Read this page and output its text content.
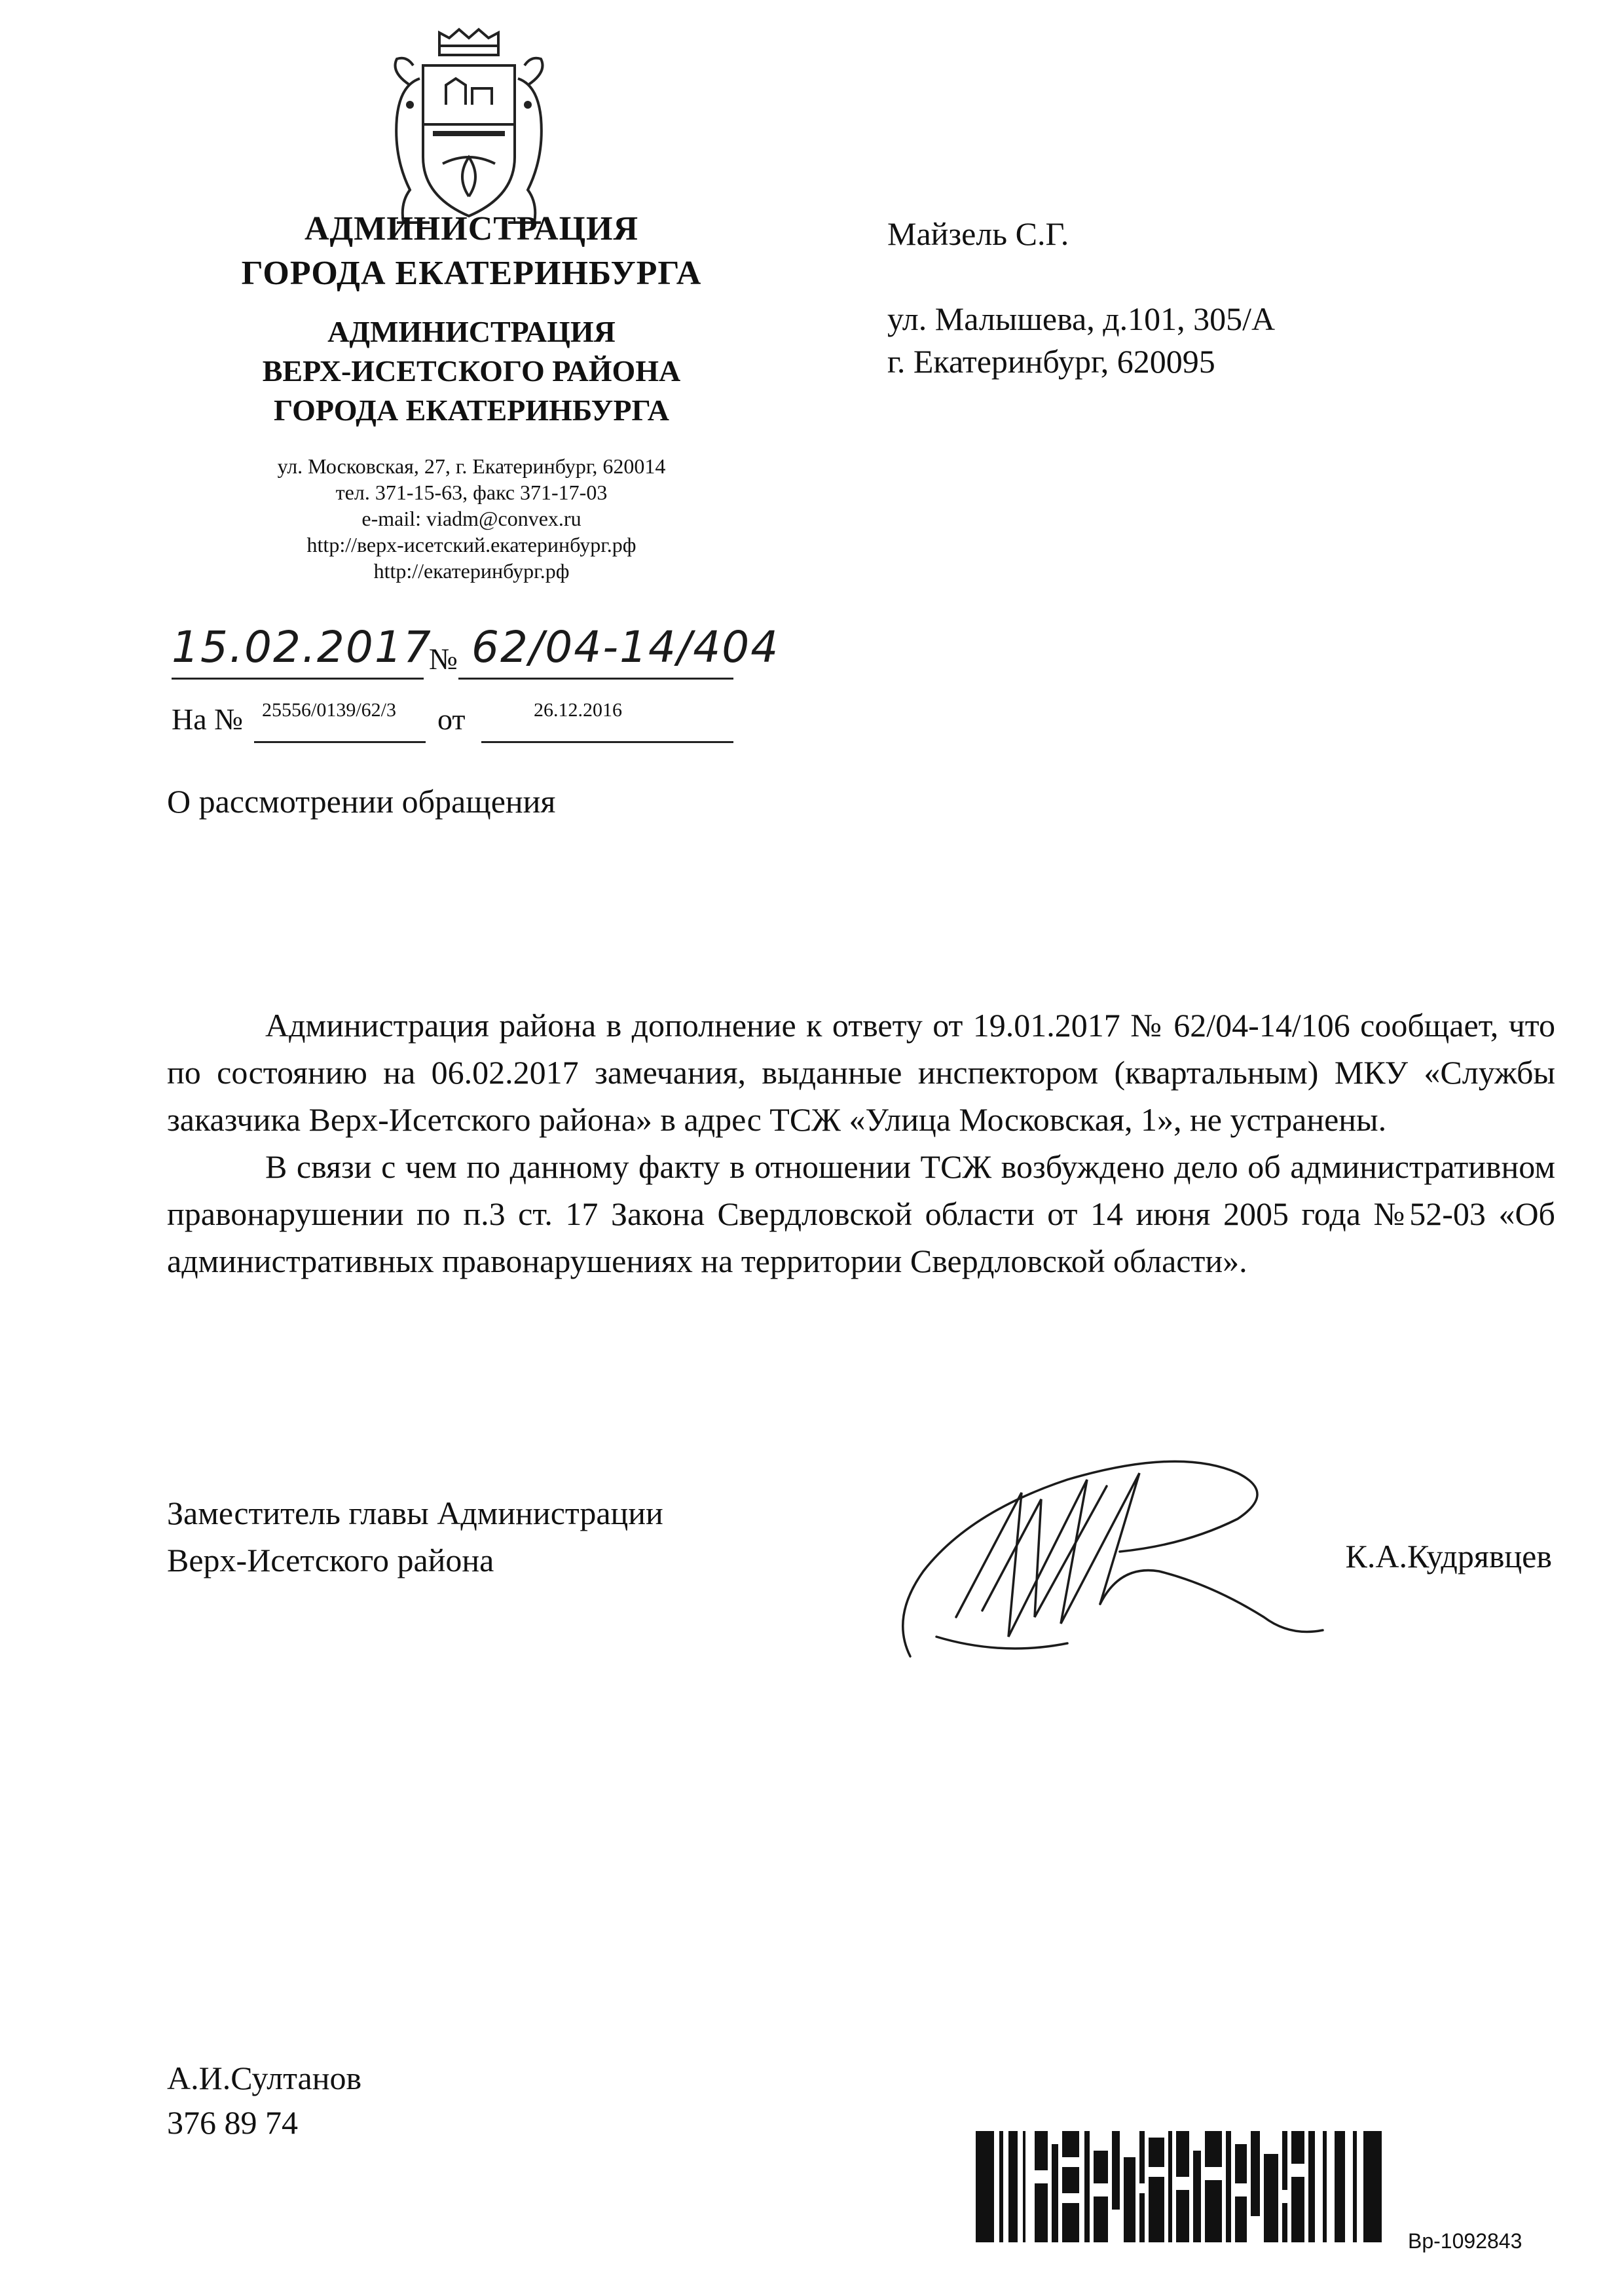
АДМИНИСТРАЦИЯ
ГОРОДА ЕКАТЕРИНБУРГА
АДМИНИСТРАЦИЯ
ВЕРХ-ИСЕТСКОГО РАЙОНА
ГОРОДА ЕКАТЕРИНБУРГА
ул. Московская, 27, г. Екатеринбург, 620014
тел. 371-15-63, факс 371-17-03
e-mail: viadm@convex.ru
http://верх-исетский.екатеринбург.рф
http://екатеринбург.рф
Майзель С.Г.
ул. Малышева, д.101, 305/А
г. Екатеринбург, 620095
15.02.2017
№ 62/04-14/404
На № 25556/0139/62/3 от	26.12.2016
О рассмотрении обращения

Администрация района в дополнение к ответу от 19.01.2017 № 62/04-14/106 сообщает, что по состоянию на 06.02.2017 замечания, выданные инспектором (квартальным) МКУ «Службы заказчика Верх-Исетского района» в адрес ТСЖ «Улица Московская, 1», не устранены.

В связи с чем по данному факту в отношении ТСЖ возбуждено дело об административном правонарушении по п.3 ст. 17 Закона Свердловской области от 14 июня 2005 года №52-03 «Об административных правонарушениях на территории Свердловской области».

Заместитель главы Администрации
Верх-Исетского района	К.А.Кудрявцев
А.И.Султанов
376 89 74
Вр-1092843
